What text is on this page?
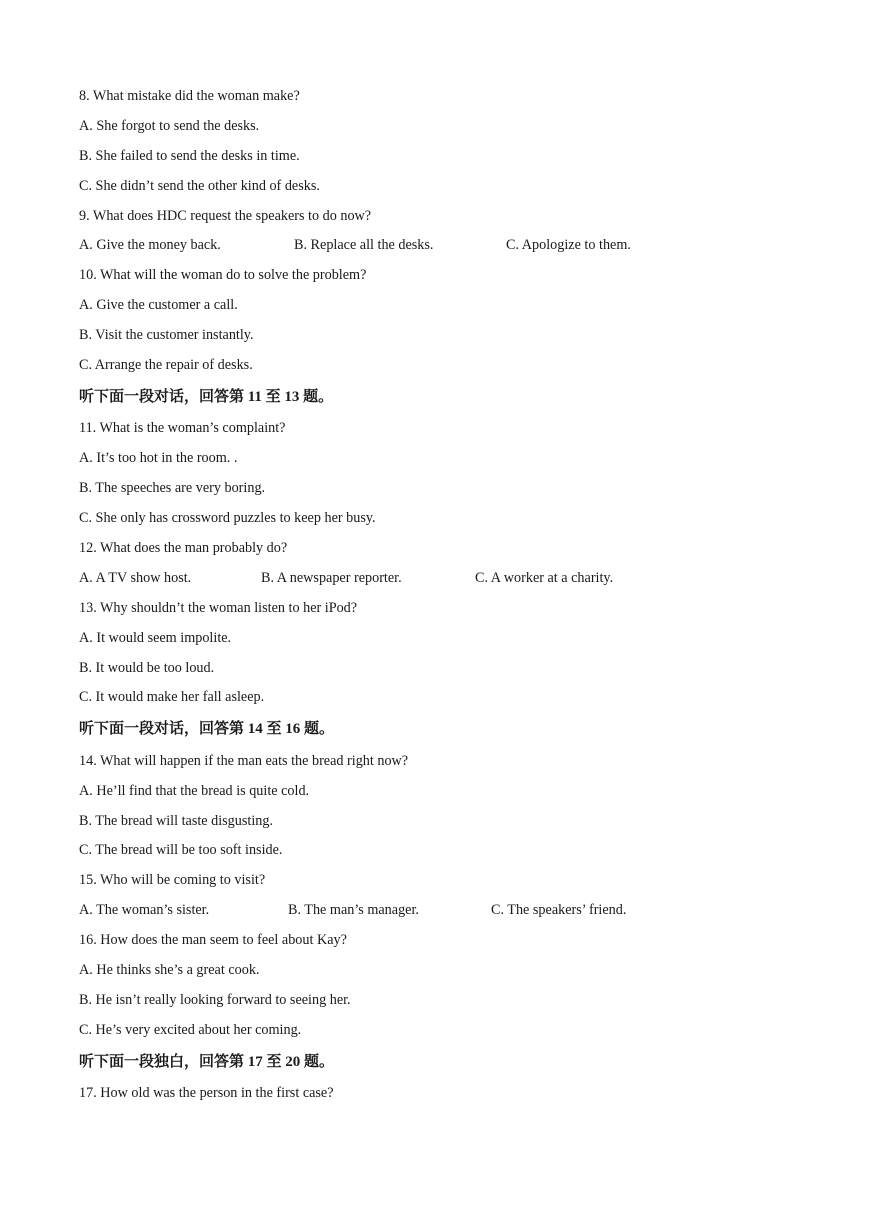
8. What mistake did the woman make?
A. She forgot to send the desks.
B. She failed to send the desks in time.
C. She didn’t send the other kind of desks.
9. What does HDC request the speakers to do now?
A. Give the money back.	B. Replace all the desks.	C. Apologize to them.
10. What will the woman do to solve the problem?
A. Give the customer a call.
B. Visit the customer instantly.
C. Arrange the repair of desks.
听下面一段对话，回答第 11 至 13 题。
11. What is the woman’s complaint?
A. It’s too hot in the room. .
B. The speeches are very boring.
C. She only has crossword puzzles to keep her busy.
12. What does the man probably do?
A. A TV show host.	B. A newspaper reporter.	C. A worker at a charity.
13. Why shouldn’t the woman listen to her iPod?
A. It would seem impolite.
B. It would be too loud.
C. It would make her fall asleep.
听下面一段对话，回答第 14 至 16 题。
14. What will happen if the man eats the bread right now?
A. He’ll find that the bread is quite cold.
B. The bread will taste disgusting.
C. The bread will be too soft inside.
15. Who will be coming to visit?
A. The woman’s sister.	B. The man’s manager.	C. The speakers’ friend.
16. How does the man seem to feel about Kay?
A. He thinks she’s a great cook.
B. He isn’t really looking forward to seeing her.
C. He’s very excited about her coming.
听下面一段独白，回答第 17 至 20 题。
17. How old was the person in the first case?
